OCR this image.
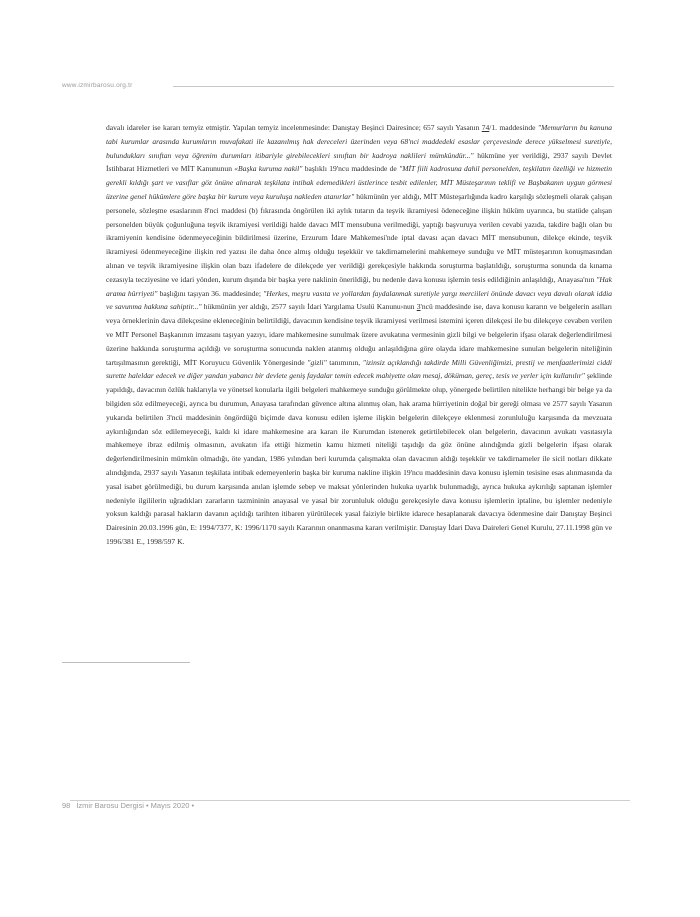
www.izmirbarosu.org.tr

davalı idareler ise kararı temyiz etmiştir. Yapılan temyiz incelenmesinde: Danıştay Beşinci Dairesince; 657 sayılı Yasanın 74/1. maddesinde "Memurların bu kanuna tabi kurumlar arasında kurumların muvafakati ile kazanılmış hak dereceleri üzerinden veya 68'nci maddedeki esaslar çerçevesinde derece yükselmesi suretiyle, bulundukları sınıftan veya öğrenim durumları itibariyle girebilecekleri sınıftan bir kadroya naklileri mümkündür..." hükmüne yer verildiği, 2937 sayılı Devlet İstihbarat Hizmetleri ve MİT Kanununun «Başka kuruma nakil" başlıklı 19'ncu maddesinde de "MİT fiili kadrosuna dahil personelden, teşkilatın özelliği ve hizmetin gerekli kıldığı şart ve vasıflar göz önüne alınarak teşkilata intibak edemedikleri üstlerince tesbit edilenler, MİT Müsteşarının teklifi ve Başbakanın uygun görmesi üzerine genel hükümlere göre başka bir kurum veya kuruluşa nakleden atanırlar" hükmünün yer aldığı, MİT Müsteşarlığında kadro karşılığı sözleşmeli olarak çalışan personele, sözleşme esaslarının 8'nci maddesi (b) fıkrasında öngörülen iki aylık tutarın da teşvik ikramiyesi ödeneceğine ilişkin hüküm uyarınca, bu statüde çalışan personelden büyük çoğunluğuna teşvik ikramiyesi verildiği halde davacı MİT mensubuna verilmediği, yaptığı başvuruya verilen cevabi yazıda, takdire bağlı olan bu ikramiyenin kendisine ödenmeyeceğinin bildirilmesi üzerine, Erzurum İdare Mahkemesi'nde iptal davası açan davacı MİT mensubunun, dilekçe ekinde, teşvik ikramiyesi ödenmeyeceğine ilişkin red yazısı ile daha önce almış olduğu teşekkür ve takdirnamelerini mahkemeye sunduğu ve MİT müsteşarının konuşmasından alınan ve teşvik ikramiyesine ilişkin olan bazı ifadelere de dilekçede yer verildiği gerekçesiyle hakkında soruşturma başlatıldığı, soruşturma sonunda da kınama cezasıyla tecziyesine ve idari yönden, kurum dışında bir başka yere naklinin önerildiği, bu nedenle dava konusu işlemin tesis edildiğinin anlaşıldığı, Anayasa'nın "Hak arama hürriyeti" başlığını taşıyan 36. maddesinde; "Herkes, meşru vasıta ve yollardan faydalanmak suretiyle yargı merciileri önünde davacı veya davalı olarak iddia ve savunma hakkına sahiptir..." hükmünün yer aldığı, 2577 sayılı İdari Yargılama Usulü Kanunu›nun 3'ncü maddesinde ise, dava konusu kararın ve belgelerin asılları veya örneklerinin dava dilekçesine ekleneceğinin belirtildiği, davacının kendisine teşvik ikramiyesi verilmesi istemini içeren dilekçesi ile bu dilekçeye cevaben verilen ve MİT Personel Başkanının imzasını taşıyan yazıyı, idare mahkemesine sunulmak üzere avukatına vermesinin gizli bilgi ve belgelerin ifşası olarak değerlendirilmesi üzerine hakkında soruşturma açıldığı ve soruşturma sonucunda naklen atanmış olduğu anlaşıldığına göre olayda idare mahkemesine sunulan belgelerin niteliğinin tartışılmasının gerektiği, MİT Koruyucu Güvenlik Yönergesinde "gizli" tanımının, "izinsiz açıklandığı takdirde Milli Güvenliğimizi, prestij ve menfaatlerimizi ciddi surette haleldar edecek ve diğer yandan yabancı bir devlete geniş faydalar temin edecek mahiyette olan mesaj, döküman, gereç, tesis ve yerler için kullanılır" şeklinde yapıldığı, davacının özlük haklarıyla ve yönetsel konularla ilgili belgeleri mahkemeye sunduğu görülmekte olup, yönergede belirtilen nitelikte herhangi bir belge ya da bilgiden söz edilmeyeceği, ayrıca bu durumun, Anayasa tarafından güvence altına alınmış olan, hak arama hürriyetinin doğal bir gereği olması ve 2577 sayılı Yasanın yukarıda belirtilen 3'ncü maddesinin öngördüğü biçimde dava konusu edilen işleme ilişkin belgelerin dilekçeye eklenmesi zorunluluğu karşısında da mevzuata aykırılığından söz edilemeyeceği, kaldı ki idare mahkemesine ara kararı ile Kurumdan istenerek getirtilebilecek olan belgelerin, davacının avukatı vasıtasıyla mahkemeye ibraz edilmiş olmasının, avukatın ifa ettiği hizmetin kamu hizmeti niteliği taşıdığı da göz önüne alındığında gizli belgelerin ifşası olarak değerlendirilmesinin mümkün olmadığı, öte yandan, 1986 yılından beri kurumda çalışmakta olan davacının aldığı teşekkür ve takdirnameler ile sicil notları dikkate alındığında, 2937 sayılı Yasanın teşkilata intibak edemeyenlerin başka bir kuruma nakline ilişkin 19'ncu maddesinin dava konusu işlemin tesisine esas alınmasında da yasal isabet görülmediği, bu durum karşısında anılan işlemde sebep ve maksat yönlerinden hukuka uyarlık bulunmadığı, ayrıca hukuka aykırılığı saptanan işlemler nedeniyle ilgililerin uğradıkları zararların tazmininin anayasal ve yasal bir zorunluluk olduğu gerekçesiyle dava konusu işlemlerin iptaline, bu işlemler nedeniyle yoksun kaldığı parasal hakların davanın açıldığı tarihten itibaren yürütülecek yasal faiziyle birlikte idarece hesaplanarak davacıya ödenmesine dair Danıştay Beşinci Dairesinin 20.03.1996 gün, E: 1994/7377, K: 1996/1170 sayılı Kararının onanmasına kararı verilmiştir. Danıştay İdari Dava Daireleri Genel Kurulu, 27.11.1998 gün ve 1996/381 E., 1998/597 K.

98 İzmir Barosu Dergisi • Mayıs 2020 •
